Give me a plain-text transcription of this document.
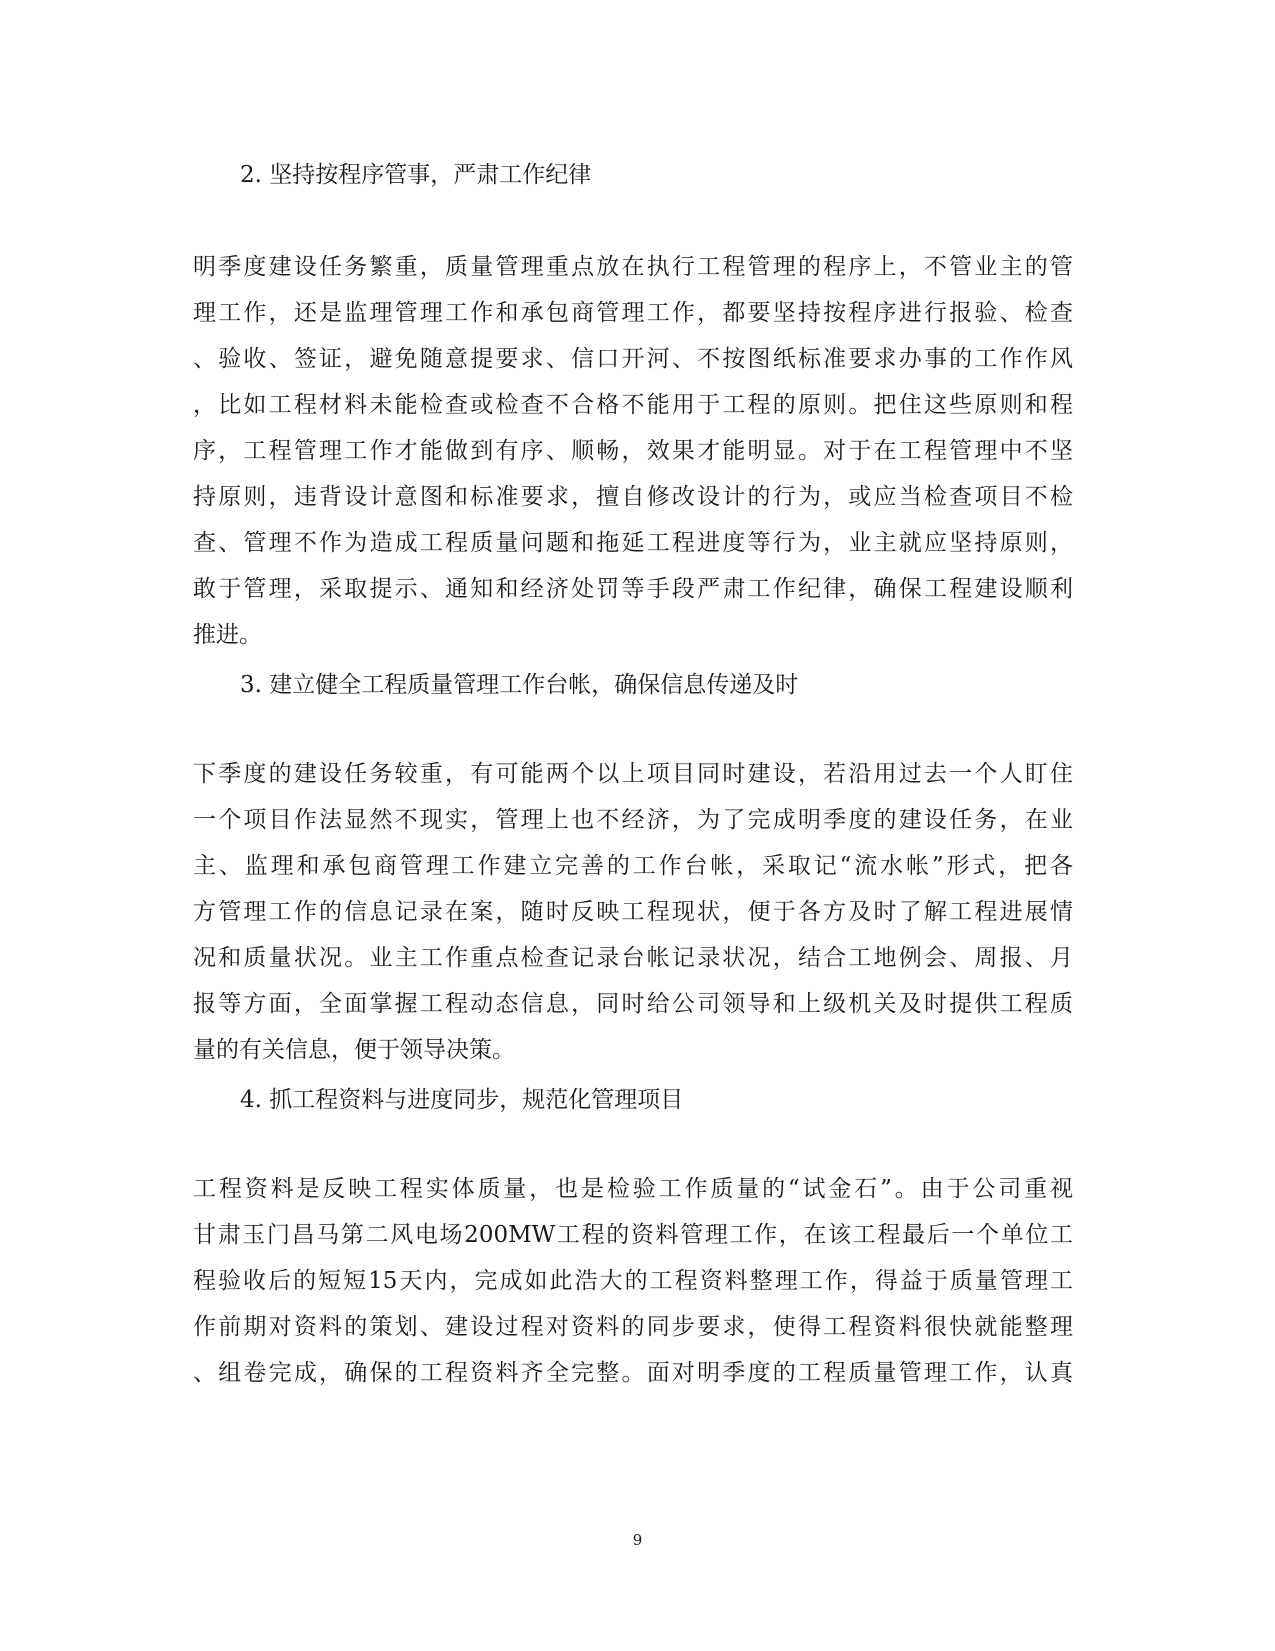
2. 坚持按程序管事，严肃工作纪律
明季度建设任务繁重，质量管理重点放在执行工程管理的程序上，不管业主的管
理工作，还是监理管理工作和承包商管理工作，都要坚持按程序进行报验、检查
、验收、签证，避免随意提要求、信口开河、不按图纸标准要求办事的工作作风
，比如工程材料未能检查或检查不合格不能用于工程的原则。把住这些原则和程
序，工程管理工作才能做到有序、顺畅，效果才能明显。对于在工程管理中不坚
持原则，违背设计意图和标准要求，擅自修改设计的行为，或应当检查项目不检
查、管理不作为造成工程质量问题和拖延工程进度等行为，业主就应坚持原则，
敢于管理，采取提示、通知和经济处罚等手段严肃工作纪律，确保工程建设顺利
推进。
3. 建立健全工程质量管理工作台帐，确保信息传递及时
下季度的建设任务较重，有可能两个以上项目同时建设，若沿用过去一个人盯住
一个项目作法显然不现实，管理上也不经济，为了完成明季度的建设任务，在业
主、监理和承包商管理工作建立完善的工作台帐，采取记“流水帐”形式，把各
方管理工作的信息记录在案，随时反映工程现状，便于各方及时了解工程进展情
况和质量状况。业主工作重点检查记录台帐记录状况，结合工地例会、周报、月
报等方面，全面掌握工程动态信息，同时给公司领导和上级机关及时提供工程质
量的有关信息，便于领导决策。
4. 抓工程资料与进度同步，规范化管理项目
工程资料是反映工程实体质量，也是检验工作质量的“试金石”。由于公司重视
甘肃玉门昌马第二风电场200MW工程的资料管理工作，在该工程最后一个单位工
程验收后的短短15天内，完成如此浩大的工程资料整理工作，得益于质量管理工
作前期对资料的策划、建设过程对资料的同步要求，使得工程资料很快就能整理
、组卷完成，确保的工程资料齐全完整。面对明季度的工程质量管理工作，认真
9
